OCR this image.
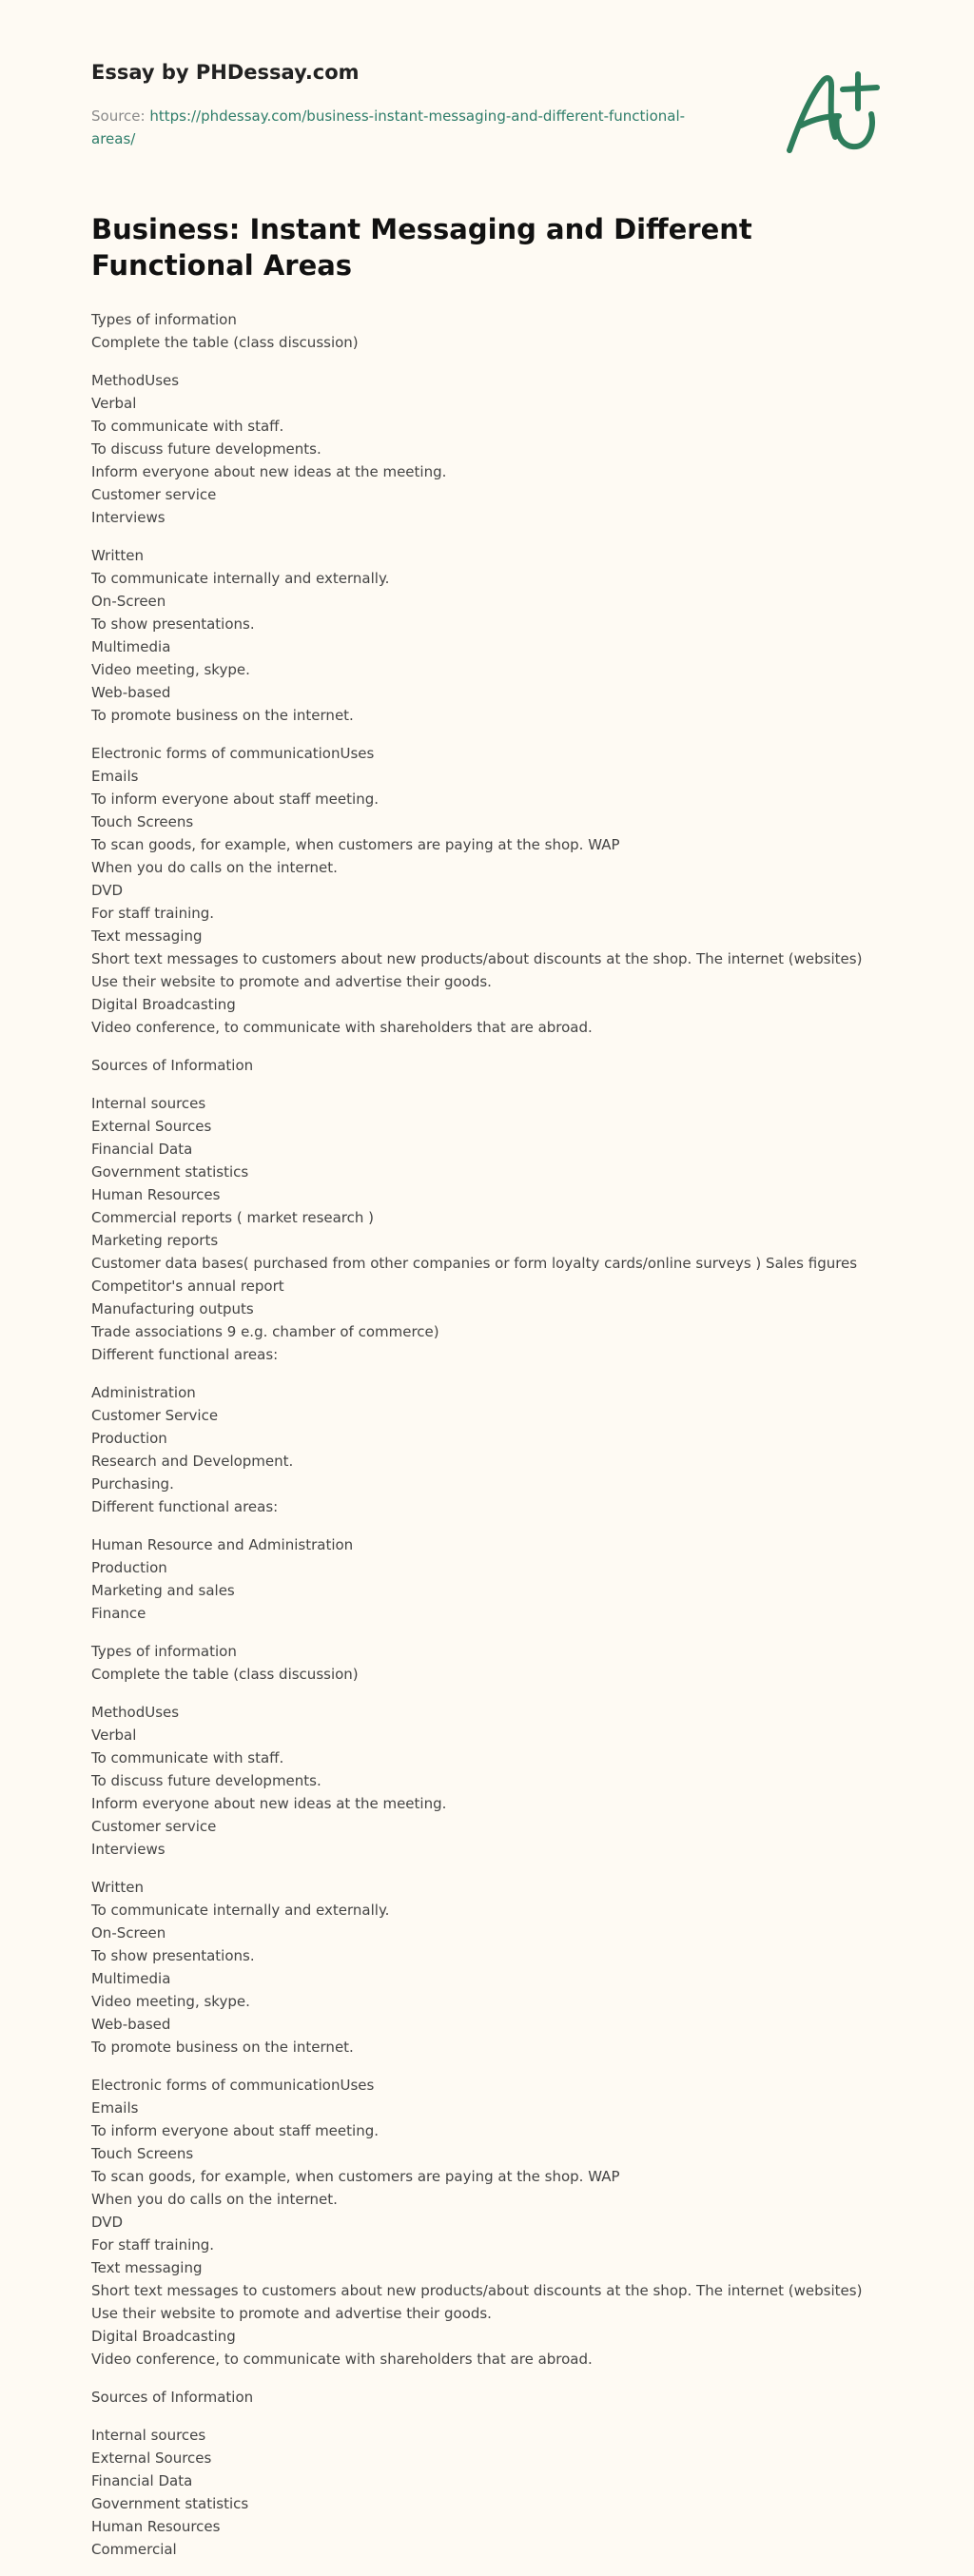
Essay by PHDessay.com

Source: https://phdessay.com/business-instant-messaging-and-different-functional-
areas/

Business: Instant Messaging and Different Functional Areas

Types of information
Complete the table (class discussion)

MethodUses
Verbal
To communicate with staff.
To discuss future developments.
Inform everyone about new ideas at the meeting.
Customer service
Interviews

Written
To communicate internally and externally.
On-Screen
To show presentations.
Multimedia
Video meeting, skype.
Web-based
To promote business on the internet.

Electronic forms of communicationUses
Emails
To inform everyone about staff meeting.
Touch Screens
To scan goods, for example, when customers are paying at the shop. WAP
When you do calls on the internet.
DVD
For staff training.
Text messaging
Short text messages to customers about new products/about discounts at the shop. The internet (websites)
Use their website to promote and advertise their goods.
Digital Broadcasting
Video conference, to communicate with shareholders that are abroad.

Sources of Information

Internal sources
External Sources
Financial Data
Government statistics
Human Resources
Commercial reports ( market research )
Marketing reports
Customer data bases( purchased from other companies or form loyalty cards/online surveys ) Sales figures
Competitor's annual report
Manufacturing outputs
Trade associations 9 e.g. chamber of commerce)
Different functional areas:

Administration
Customer Service
Production
Research and Development.
Purchasing.
Different functional areas:

Human Resource and Administration
Production
Marketing and sales
Finance

Types of information
Complete the table (class discussion)

MethodUses
Verbal
To communicate with staff.
To discuss future developments.
Inform everyone about new ideas at the meeting.
Customer service
Interviews

Written
To communicate internally and externally.
On-Screen
To show presentations.
Multimedia
Video meeting, skype.
Web-based
To promote business on the internet.

Electronic forms of communicationUses
Emails
To inform everyone about staff meeting.
Touch Screens
To scan goods, for example, when customers are paying at the shop. WAP
When you do calls on the internet.
DVD
For staff training.
Text messaging
Short text messages to customers about new products/about discounts at the shop. The internet (websites)
Use their website to promote and advertise their goods.
Digital Broadcasting
Video conference, to communicate with shareholders that are abroad.

Sources of Information

Internal sources
External Sources
Financial Data
Government statistics
Human Resources
Commercial
